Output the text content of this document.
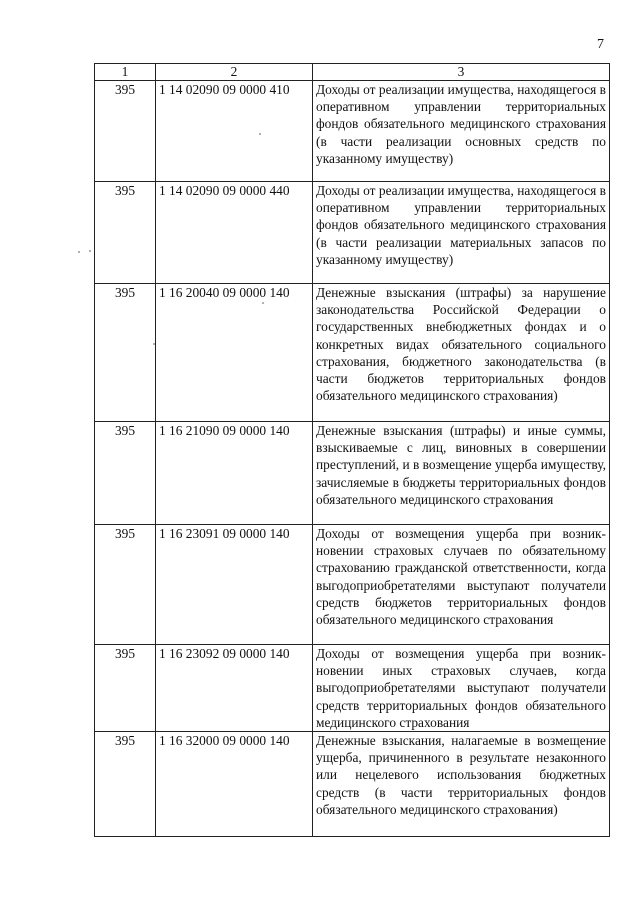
7
1	2	3
395	1 14 02090 09 0000 410	Доходы от реализации имущества, находящегося в оперативном управлении территориальных фондов обязательного медицинского страхования (в части реализации основных средств по указанному имуществу)
395	1 14 02090 09 0000 440	Доходы от реализации имущества, находящегося в оперативном управлении территориальных фондов обязательного медицинского страхования (в части реализации материальных запасов по указанному имуществу)
395	1 16 20040 09 0000 140	Денежные взыскания (штрафы) за нарушение законодательства Российской Федерации о государственных внебюджетных фондах и о конкретных видах обязательного социального страхования, бюджетного законодательства (в части бюджетов территориальных фондов обязательного медицинского страхования)
395	1 16 21090 09 0000 140	Денежные взыскания (штрафы) и иные суммы, взыскиваемые с лиц, виновных в совершении преступлений, и в возмещение ущерба имуществу, зачисляемые в бюджеты территориальных фондов обязательного медицинского страхования
395	1 16 23091 09 0000 140	Доходы от возмещения ущерба при возникновении страховых случаев по обязательному страхованию гражданской ответственности, когда выгодоприобретателями выступают получатели средств бюджетов территориальных фондов обязательного медицинского страхования
395	1 16 23092 09 0000 140	Доходы от возмещения ущерба при возникновении иных страховых случаев, когда выгодоприобретателями выступают получатели средств территориальных фондов обязательного медицинского страхования
395	1 16 32000 09 0000 140	Денежные взыскания, налагаемые в возмещение ущерба, причиненного в результате незаконного или нецелевого использования бюджетных средств (в части территориальных фондов обязательного медицинского страхования)
